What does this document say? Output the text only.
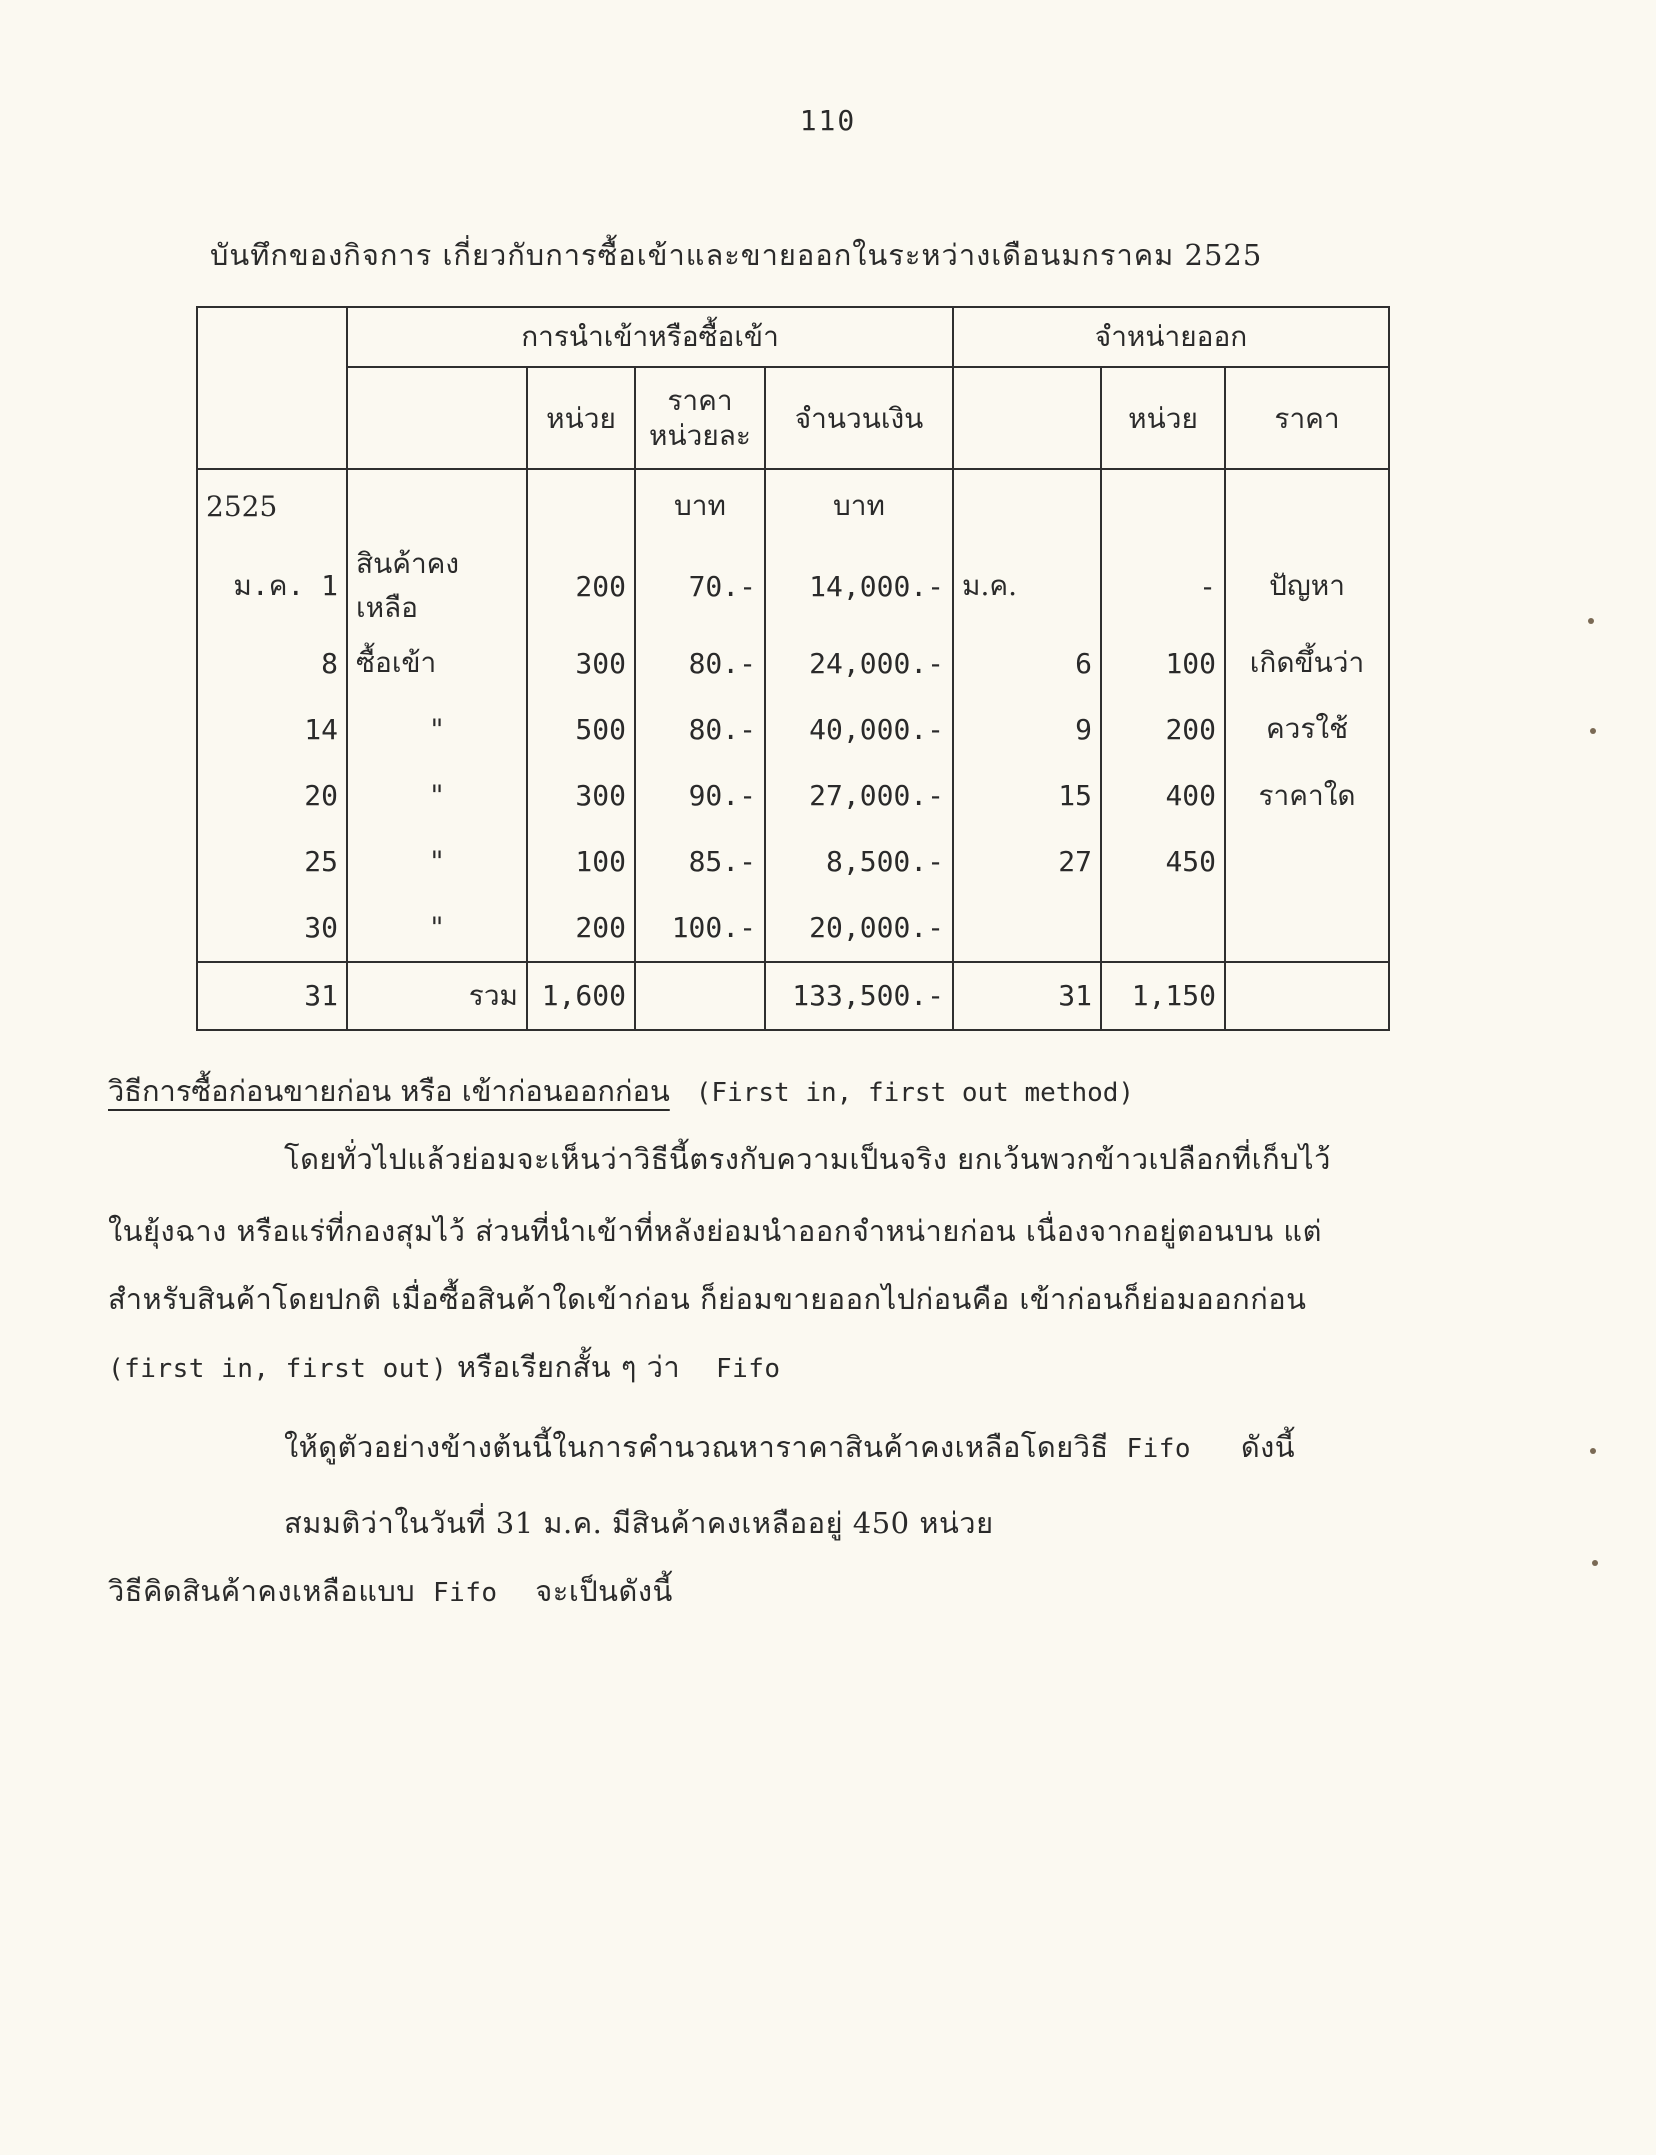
110
บันทึกของกิจการ เกี่ยวกับการซื้อเข้าและขายออกในระหว่างเดือนมกราคม 2525
	การนำเข้าหรือซื้อเข้า				จำหน่ายออก		
		หน่วย	ราคาหน่วยละ	จำนวนเงิน		หน่วย	ราคา
2525			บาท	บาท			
ม.ค. 1	สินค้าคงเหลือ	200	70.-	14,000.-	ม.ค.	-	ปัญหา
8	ซื้อเข้า	300	80.-	24,000.-	6	100	เกิดขึ้นว่า
14	"	500	80.-	40,000.-	9	200	ควรใช้
20	"	300	90.-	27,000.-	15	400	ราคาใด
25	"	100	85.-	8,500.-	27	450	
30	"	200	100.-	20,000.-			
31	รวม	1,600		133,500.-	31	1,150	
วิธีการซื้อก่อนขายก่อน หรือ เข้าก่อนออกก่อน (First in, first out method)
โดยทั่วไปแล้วย่อมจะเห็นว่าวิธีนี้ตรงกับความเป็นจริง ยกเว้นพวกข้าวเปลือกที่เก็บไว้
ในยุ้งฉาง หรือแร่ที่กองสุมไว้ ส่วนที่นำเข้าที่หลังย่อมนำออกจำหน่ายก่อน เนื่องจากอยู่ตอนบน แต่
สำหรับสินค้าโดยปกติ เมื่อซื้อสินค้าใดเข้าก่อน ก็ย่อมขายออกไปก่อนคือ เข้าก่อนก็ย่อมออกก่อน
(first in, first out) หรือเรียกสั้น ๆ ว่า Fifo
ให้ดูตัวอย่างข้างต้นนี้ในการคำนวณหาราคาสินค้าคงเหลือโดยวิธี Fifo ดังนี้
สมมติว่าในวันที่ 31 ม.ค. มีสินค้าคงเหลืออยู่ 450 หน่วย
วิธีคิดสินค้าคงเหลือแบบ Fifo จะเป็นดังนี้
